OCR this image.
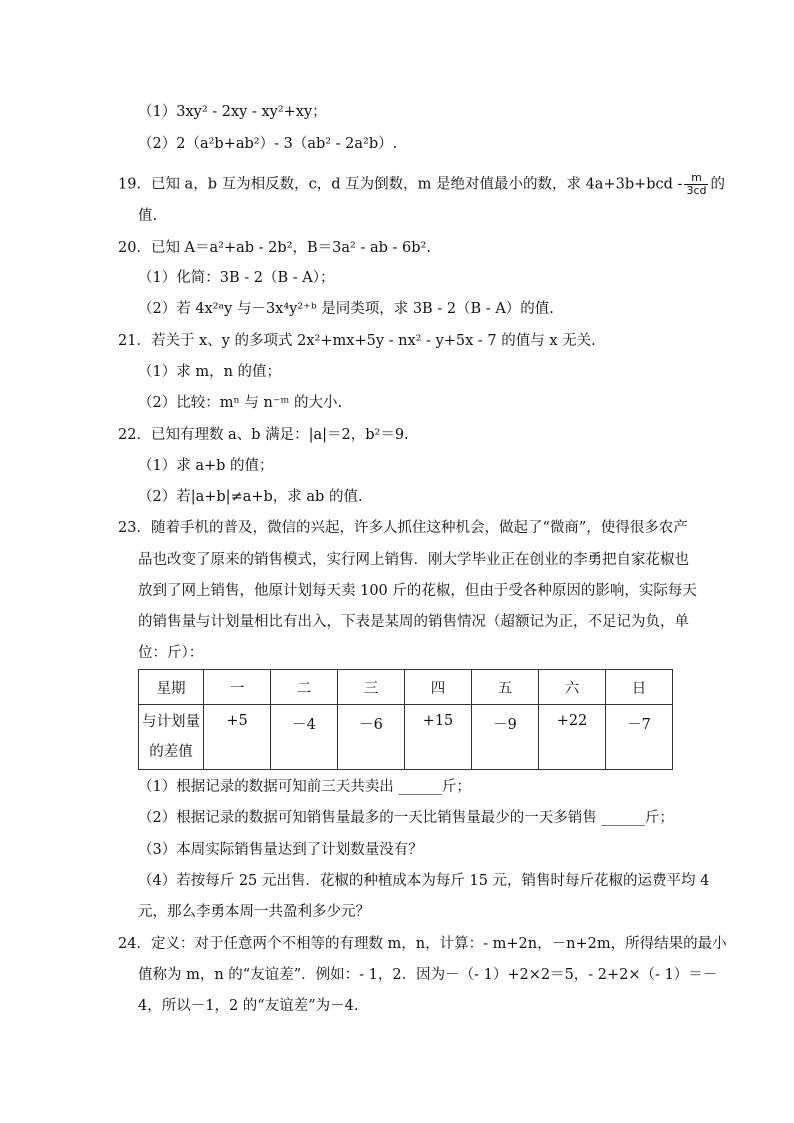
（1）3xy² - 2xy - xy²+xy；
（2）2（a²b+ab²）- 3（ab² - 2a²b）.
19．已知 a，b 互为相反数，c，d 互为倒数，m 是绝对值最小的数，求 $4a+3b+bcd - \frac{m}{3cd}$ 的
值.
20．已知 A＝a²+ab - 2b²，B＝3a² - ab - 6b².
（1）化简：3B - 2（B - A）；
（2）若 4x²ᵃy 与－3x⁴y²⁺ᵇ 是同类项，求 3B - 2（B - A）的值.
21．若关于 x、y 的多项式 2x²+mx+5y - nx² - y+5x - 7 的值与 x 无关.
（1）求 m，n 的值；
（2）比较：mⁿ 与 n⁻ᵐ 的大小.
22．已知有理数 a、b 满足：|a|＝2，b²＝9.
（1）求 a+b 的值；
（2）若|a+b|≠a+b，求 ab 的值.
23．随着手机的普及，微信的兴起，许多人抓住这种机会，做起了“微商”，使得很多农产
品也改变了原来的销售模式，实行网上销售．刚大学毕业正在创业的李勇把自家花椒也
放到了网上销售，他原计划每天卖 100 斤的花椒，但由于受各种原因的影响，实际每天
的销售量与计划量相比有出入，下表是某周的销售情况（超额记为正，不足记为负，单
位：斤）：
星期	一	二	三	四	五	六	日
与计划量
的差值	+5	－4	－6	+15	－9	+22	－7
（1）根据记录的数据可知前三天共卖出 ______斤；
（2）根据记录的数据可知销售量最多的一天比销售量最少的一天多销售 ______斤；
（3）本周实际销售量达到了计划数量没有？
（4）若按每斤 25 元出售．花椒的种植成本为每斤 15 元，销售时每斤花椒的运费平均 4
元，那么李勇本周一共盈利多少元？
24．定义：对于任意两个不相等的有理数 m，n，计算：- m+2n，－n+2m，所得结果的最小
值称为 m，n 的“友谊差”．例如：- 1，2．因为－（- 1）+2×2＝5，- 2+2×（- 1）＝－
4，所以－1，2 的“友谊差”为－4.
